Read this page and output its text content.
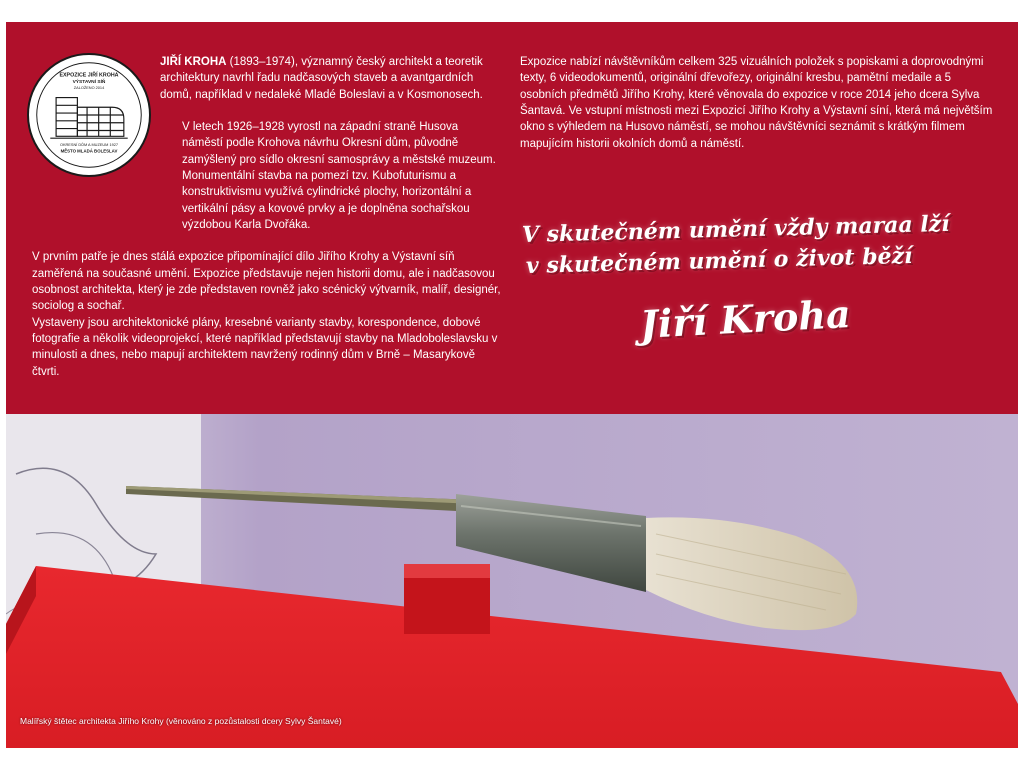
EXPOZICE JIŘÍ KROHA
VÝSTAVNÍ SÍŇ
ZALOŽENO 2014
OKRESNÍ DŮM A MUZEUM 1927
MĚSTO MLADÁ BOLESLAV

JIŘÍ KROHA (1893–1974), významný český architekt a teoretik architektury navrhl řadu nadčasových staveb a avantgardních domů, například v nedaleké Mladé Boleslavi a v Kosmonosech.

V letech 1926–1928 vyrostl na západní straně Husova náměstí podle Krohova návrhu Okresní dům, původně zamýšlený pro sídlo okresní samosprávy a městské muzeum. Monumentální stavba na pomezí tzv. Kubofuturismu a konstruktivismu využívá cylindrické plochy, horizontální a vertikální pásy a kovové prvky a je doplněna sochařskou výzdobou Karla Dvořáka.

V prvním patře je dnes stálá expozice připomínající dílo Jiřího Krohy a Výstavní síň zaměřená na současné umění. Expozice představuje nejen historii domu, ale i nadčasovou osobnost architekta, který je zde představen rovněž jako scénický výtvarník, malíř, designér, sociolog a sochař.

Vystaveny jsou architektonické plány, kresebné varianty stavby, korespondence, dobové fotografie a několik videoprojekcí, které například představují stavby na Mladoboleslavsku v minulosti a dnes, nebo mapují architektem navržený rodinný dům v Brně – Masarykově čtvrti.

Expozice nabízí návštěvníkům celkem 325 vizuálních položek s popiskami a doprovodnými texty, 6 videodokumentů, originální dřevořezy, originální kresbu, pamětní medaile a 5 osobních předmětů Jiřího Krohy, které věnovala do expozice v roce 2014 jeho dcera Sylva Šantavá. Ve vstupní místnosti mezi Expozicí Jiřího Krohy a Výstavní síní, která má největším okno s výhledem na Husovo náměstí, se mohou návštěvníci seznámit s krátkým filmem mapujícím historii okolních domů a náměstí.

V skutečném umění vždy maraa lží
v skutečném umění o život běží
Jiří Kroha
Malířský štětec architekta Jiřího Krohy (věnováno z pozůstalosti dcery Sylvy Šantavé)
